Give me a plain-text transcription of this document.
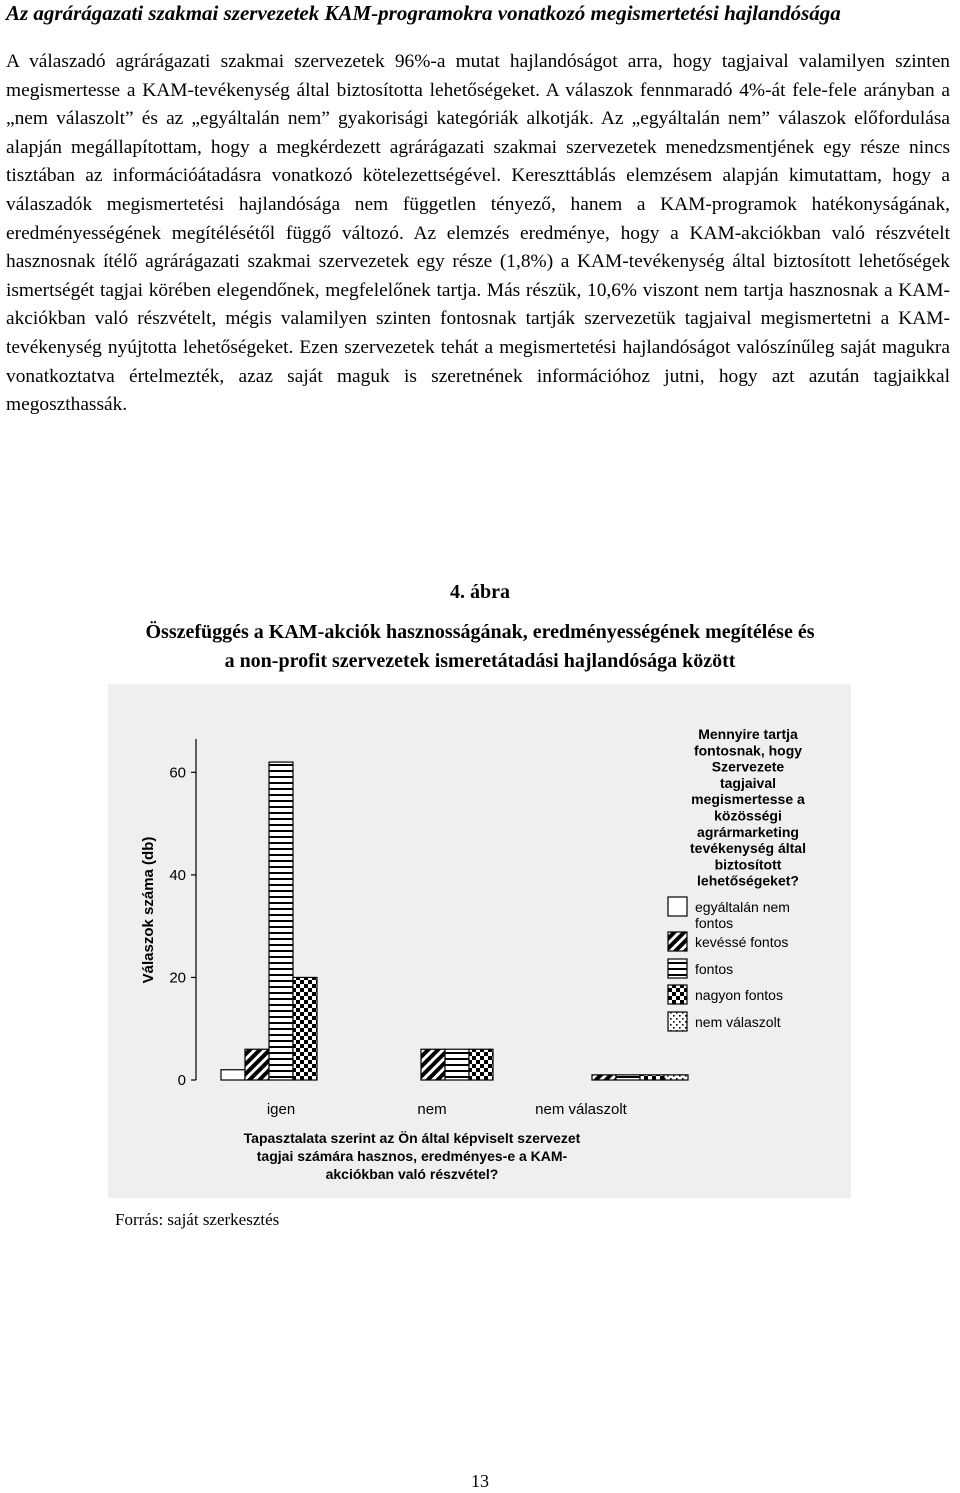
Az agrárágazati szakmai szervezetek KAM-programokra vonatkozó megismertetési hajlandósága

A válaszadó agrárágazati szakmai szervezetek 96%-a mutat hajlandóságot arra, hogy tagjaival valamilyen szinten megismertesse a KAM-tevékenység által biztosította lehetőségeket. A válaszok fennmaradó 4%-át fele-fele arányban a „nem válaszolt” és az „egyáltalán nem” gyakorisági kategóriák alkotják. Az „egyáltalán nem” válaszok előfordulása alapján megállapítottam, hogy a megkérdezett agrárágazati szakmai szervezetek menedzsmentjének egy része nincs tisztában az információátadásra vonatkozó kötelezettségével. Kereszttáblás elemzésem alapján kimutattam, hogy a válaszadók megismertetési hajlandósága nem független tényező, hanem a KAM-programok hatékonyságának, eredményességének megítélésétől függő változó. Az elemzés eredménye, hogy a KAM-akciókban való részvételt hasznosnak ítélő agrárágazati szakmai szervezetek egy része (1,8%) a KAM-tevékenység által biztosított lehetőségek ismertségét tagjai körében elegendőnek, megfelelőnek tartja. Más részük, 10,6% viszont nem tartja hasznosnak a KAM-akciókban való részvételt, mégis valamilyen szinten fontosnak tartják szervezetük tagjaival megismertetni a KAM-tevékenység nyújtotta lehetőségeket. Ezen szervezetek tehát a megismertetési hajlandóságot valószínűleg saját magukra vonatkoztatva értelmezték, azaz saját maguk is szeretnének információhoz jutni, hogy azt azután tagjaikkal megoszthassák.

4. ábra
Összefüggés a KAM-akciók hasznosságának, eredményességének megítélése és
a non-profit szervezetek ismeretátadási hajlandósága között
0
20
40
60
igen	nem	nem válaszolt
Mennyire tartja
fontosnak, hogy
Szervezete
tagjaival
megismertesse a
közösségi
agrármarketing
tevékenység által
biztosított
lehetőségeket?
egyáltalán nem
fontos
kevéssé fontos
fontos
nagyon fontos
nem válaszolt
Válaszok száma (db)
Tapasztalata szerint az Ön által képviselt szervezet
tagjai számára hasznos, eredményes-e a KAM-
akciókban való részvétel?
Forrás: saját szerkesztés
13
